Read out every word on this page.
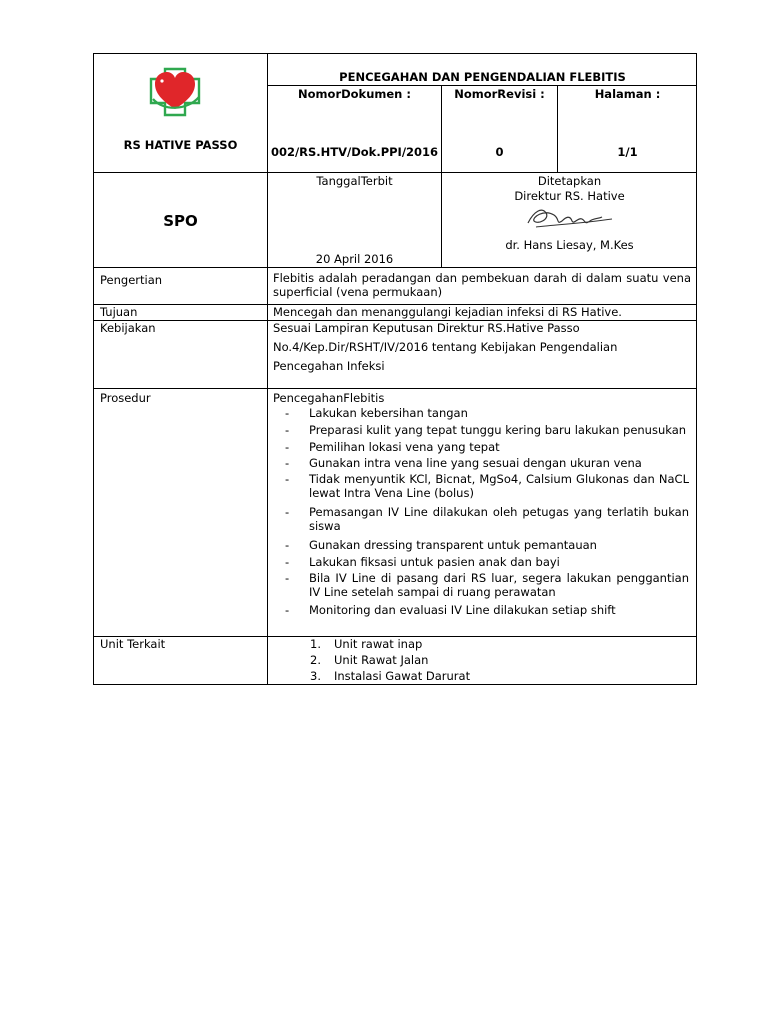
RS HATIVE PASSO
PENCEGAHAN DAN PENGENDALIAN FLEBITIS
NomorDokumen :	NomorRevisi :	Halaman :
002/RS.HTV/Dok.PPI/2016	0	1/1
SPO
TanggalTerbit
20 April 2016
Ditetapkan
Direktur RS. Hative
dr. Hans Liesay, M.Kes
Pengertian	Flebitis adalah peradangan dan pembekuan darah di dalam suatu vena superficial (vena permukaan)
Tujuan	Mencegah dan menanggulangi kejadian infeksi di RS Hative.
Kebijakan	Sesuai Lampiran Keputusan Direktur RS.Hative Passo
No.4/Kep.Dir/RSHT/IV/2016 tentang Kebijakan Pengendalian
Pencegahan Infeksi
Prosedur	PencegahanFlebitis
- Lakukan kebersihan tangan
- Preparasi kulit yang tepat tunggu kering baru lakukan penusukan
- Pemilihan lokasi vena yang tepat
- Gunakan intra vena line yang sesuai dengan ukuran vena
- Tidak menyuntik KCl, Bicnat, MgSo4, Calsium Glukonas dan NaCL lewat Intra Vena Line (bolus)
- Pemasangan IV Line dilakukan oleh petugas yang terlatih bukan siswa
- Gunakan dressing transparent untuk pemantauan
- Lakukan fiksasi untuk pasien anak dan bayi
- Bila IV Line di pasang dari RS luar, segera lakukan penggantian IV Line setelah sampai di ruang perawatan
- Monitoring dan evaluasi IV Line dilakukan setiap shift
Unit Terkait	1. Unit rawat inap
2. Unit Rawat Jalan
3. Instalasi Gawat Darurat
